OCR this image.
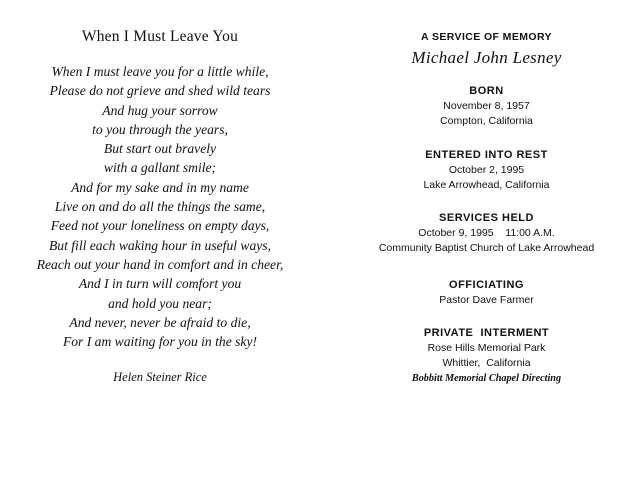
When I Must Leave You
When I must leave you for a little while,
Please do not grieve and shed wild tears
And hug your sorrow
to you through the years,
But start out bravely
with a gallant smile;
And for my sake and in my name
Live on and do all the things the same,
Feed not your loneliness on empty days,
But fill each waking hour in useful ways,
Reach out your hand in comfort and in cheer,
And I in turn will comfort you
and hold you near;
And never, never be afraid to die,
For I am waiting for you in the sky!
Helen Steiner Rice
A SERVICE OF MEMORY
Michael John Lesney
BORN
November 8, 1957
Compton, California
ENTERED INTO REST
October 2, 1995
Lake Arrowhead, California
SERVICES HELD
October 9, 1995    11:00 A.M.
Community Baptist Church of Lake Arrowhead
OFFICIATING
Pastor Dave Farmer
PRIVATE  INTERMENT
Rose Hills Memorial Park
Whittier,  California
Bobbitt Memorial Chapel Directing
